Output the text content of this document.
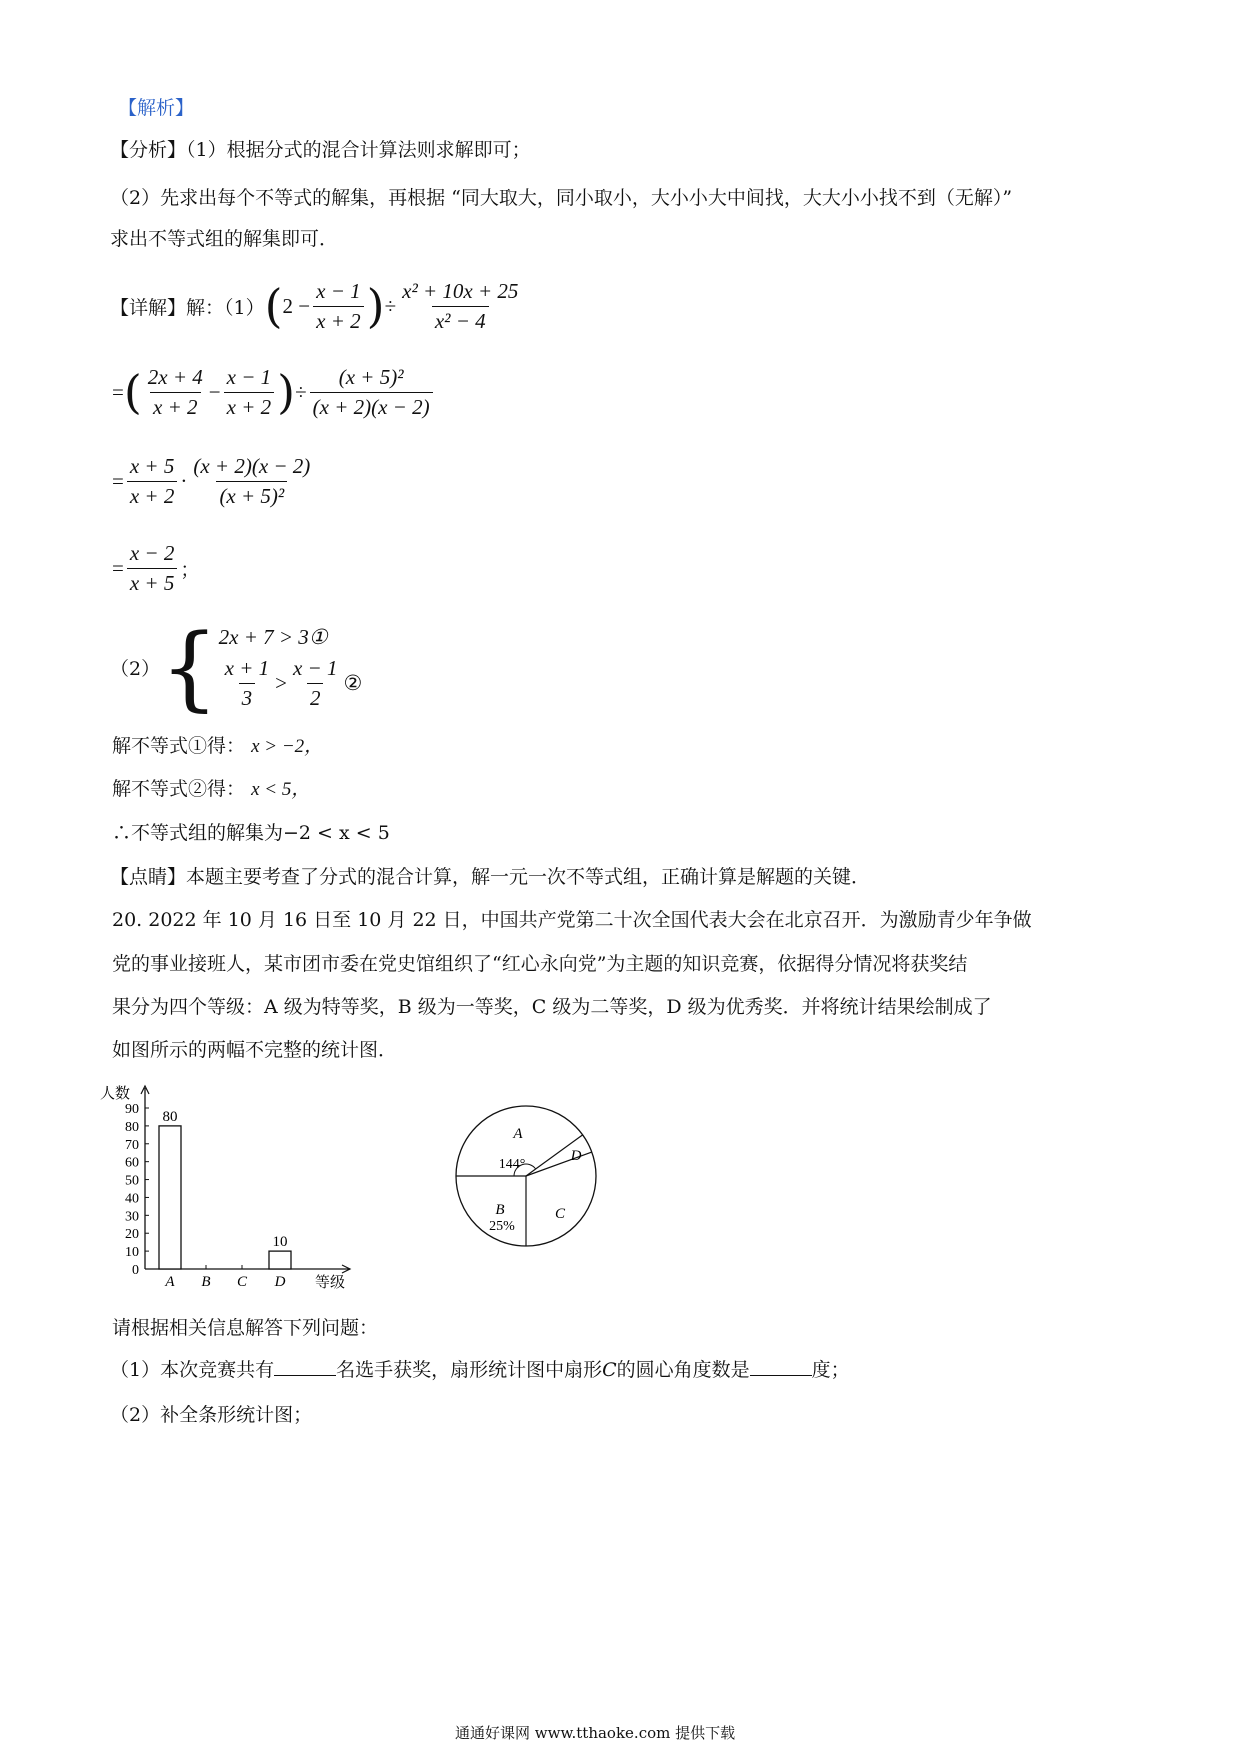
【解析】
【分析】（1）根据分式的混合计算法则求解即可；
（2）先求出每个不等式的解集，再根据 “同大取大，同小取小，大小小大中间找，大大小小找不到（无解）”
求出不等式组的解集即可．
【详解】解：（1） ( $2 - \frac{x - 1}{x + 2}$ ) ÷ $\frac{\text{x² + 10x + 25}}{\text{x² − 4}}$
= ( $\frac{2x + 4}{x + 2} - \frac{x - 1}{x + 2}$ ) ÷ $\frac{\text{(x + 5)²}}{(x + 2)(x - 2)}$
= $\frac{x + 5}{x + 2} \cdot \frac{(x + 2)(x - 2)}{\text{(x + 5)²}}$
= $\frac{x - 2}{x + 5}$ ；
（2） { 2x + 7 > 3①
$\frac{x + 1}{3} > \frac{x - 1}{2}$ ②
解不等式①得： x > −2，
解不等式②得： x < 5，
∴不等式组的解集为−2 < x < 5
【点睛】本题主要考查了分式的混合计算，解一元一次不等式组，正确计算是解题的关键．
20. 2022 年 10 月 16 日至 10 月 22 日，中国共产党第二十次全国代表大会在北京召开．为激励青少年争做
党的事业接班人，某市团市委在党史馆组织了“红心永向党”为主题的知识竞赛，依据得分情况将获奖结
果分为四个等级：A 级为特等奖，B 级为一等奖，C 级为二等奖，D 级为优秀奖．并将统计结果绘制成了
如图所示的两幅不完整的统计图．
人数
等级
0
10
20
30
40
50
60
70
80
90
A
80
B C D
10
A
B	C
D
144°
25%
请根据相关信息解答下列问题：
（1）本次竞赛共有	名选手获奖，扇形统计图中扇形C的圆心角度数是	度；
（2）补全条形统计图；
通通好课网 www.tthaoke.com 提供下载
